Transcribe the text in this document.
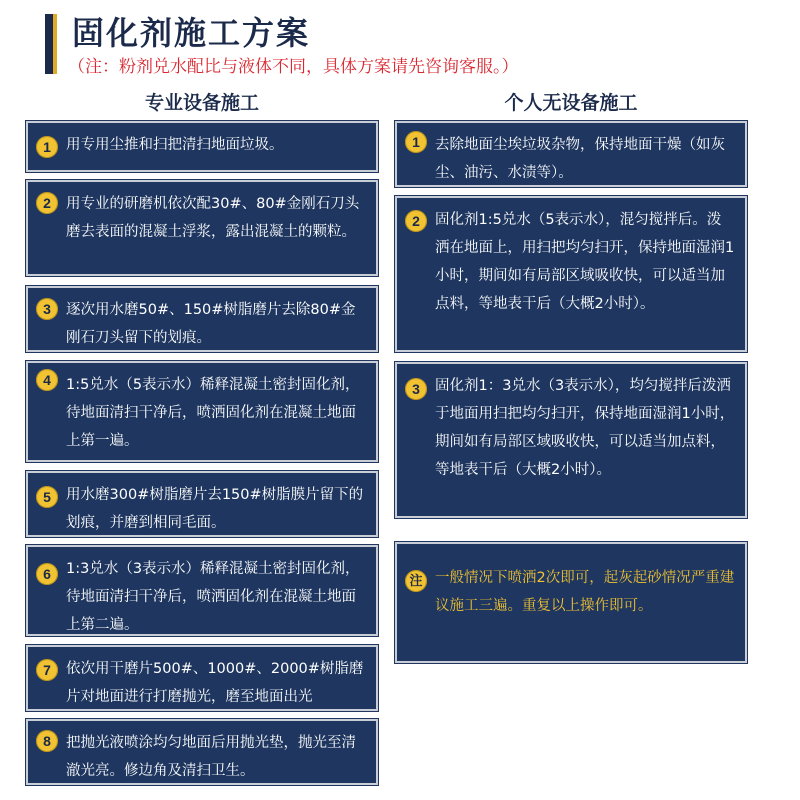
固化剂施工方案

（注：粉剂兑水配比与液体不同，具体方案请先咨询客服。）

专业设备施工	个人无设备施工
1	用专用尘推和扫把清扫地面垃圾。

2	用专业的研磨机依次配30#、80#金刚石刀头磨去表面的混凝土浮浆，露出混凝土的颗粒。

3	逐次用水磨50#、150#树脂磨片去除80#金刚石刀头留下的划痕。

4	1:5兑水（5表示水）稀释混凝土密封固化剂，待地面清扫干净后，喷洒固化剂在混凝土地面上第一遍。

5	用水磨300#树脂磨片去150#树脂膜片留下的划痕，并磨到相同毛面。

6	1:3兑水（3表示水）稀释混凝土密封固化剂，待地面清扫干净后，喷洒固化剂在混凝土地面上第二遍。

7	依次用干磨片500#、1000#、2000#树脂磨片对地面进行打磨抛光，磨至地面出光

8	把抛光液喷涂均匀地面后用抛光垫，抛光至清澈光亮。修边角及清扫卫生。

1	去除地面尘埃垃圾杂物，保持地面干燥（如灰尘、油污、水渍等）。

2	固化剂1:5兑水（5表示水），混匀搅拌后。泼洒在地面上，用扫把均匀扫开，保持地面湿润1小时，期间如有局部区域吸收快，可以适当加点料，等地表干后（大概2小时）。

3	固化剂1：3兑水（3表示水），均匀搅拌后泼洒于地面用扫把均匀扫开，保持地面湿润1小时，期间如有局部区域吸收快，可以适当加点料，等地表干后（大概2小时）。

注 一般情况下喷洒2次即可，起灰起砂情况严重建议施工三遍。重复以上操作即可。
